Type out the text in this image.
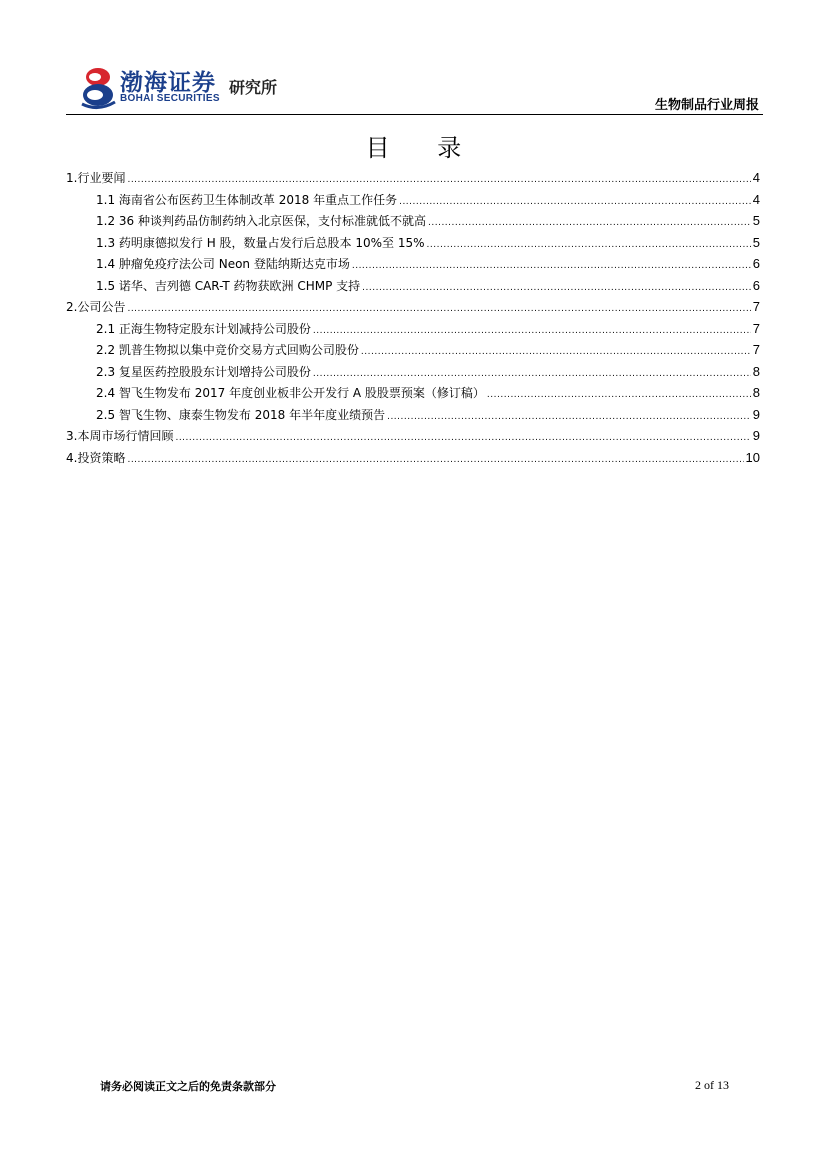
渤海证券
BOHAI SECURITIES
研究所
生物制品行业周报
目 录
1.行业要闻 .....	4
1.1 海南省公布医药卫生体制改革 2018 年重点工作任务 .....	4
1.2 36 种谈判药品仿制药纳入北京医保，支付标准就低不就高 .....	5
1.3 药明康德拟发行 H 股，数量占发行后总股本 10%至 15% .....	5
1.4 肿瘤免疫疗法公司 Neon 登陆纳斯达克市场 .....	6
1.5 诺华、吉列德 CAR-T 药物获欧洲 CHMP 支持 .....	6
2.公司公告 .....	7
2.1 正海生物特定股东计划减持公司股份 .....	7
2.2 凯普生物拟以集中竞价交易方式回购公司股份 .....	7
2.3 复星医药控股股东计划增持公司股份 .....	8
2.4 智飞生物发布 2017 年度创业板非公开发行 A 股股票预案（修订稿） .....	8
2.5 智飞生物、康泰生物发布 2018 年半年度业绩预告 .....	9
3.本周市场行情回顾 .....	9
4.投资策略 .....	10
请务必阅读正文之后的免责条款部分	2 of 13
